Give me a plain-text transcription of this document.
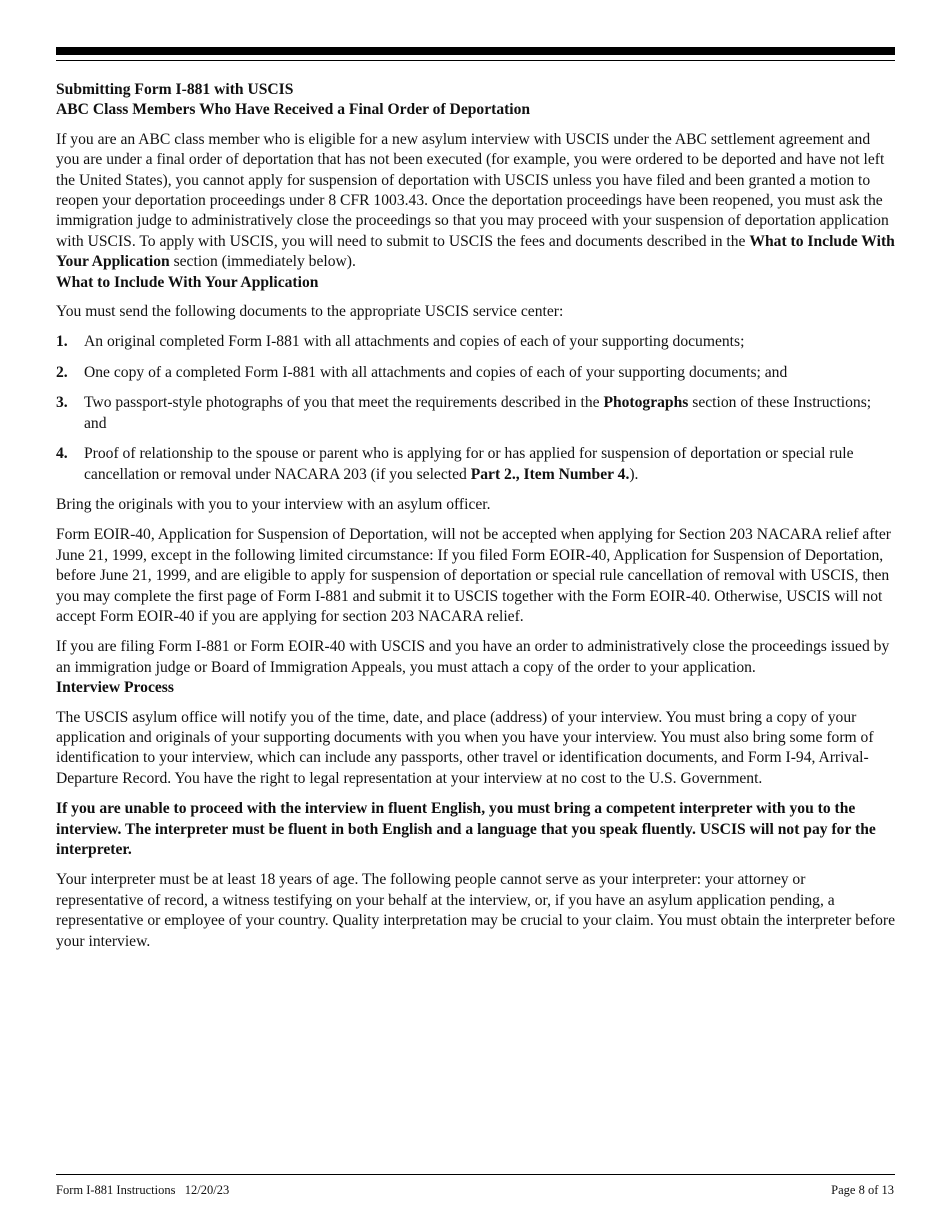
Submitting Form I-881 with USCIS

ABC Class Members Who Have Received a Final Order of Deportation

If you are an ABC class member who is eligible for a new asylum interview with USCIS under the ABC settlement agreement and you are under a final order of deportation that has not been executed (for example, you were ordered to be deported and have not left the United States), you cannot apply for suspension of deportation with USCIS unless you have filed and been granted a motion to reopen your deportation proceedings under 8 CFR 1003.43. Once the deportation proceedings have been reopened, you must ask the immigration judge to administratively close the proceedings so that you may proceed with your suspension of deportation application with USCIS. To apply with USCIS, you will need to submit to USCIS the fees and documents described in the What to Include With Your Application section (immediately below).

What to Include With Your Application

You must send the following documents to the appropriate USCIS service center:

1.	An original completed Form I-881 with all attachments and copies of each of your supporting documents;
2.	One copy of a completed Form I-881 with all attachments and copies of each of your supporting documents; and
3.	Two passport-style photographs of you that meet the requirements described in the Photographs section of these Instructions; and
4.	Proof of relationship to the spouse or parent who is applying for or has applied for suspension of deportation or special rule cancellation or removal under NACARA 203 (if you selected Part 2., Item Number 4.).

Bring the originals with you to your interview with an asylum officer.

Form EOIR-40, Application for Suspension of Deportation, will not be accepted when applying for Section 203 NACARA relief after June 21, 1999, except in the following limited circumstance: If you filed Form EOIR-40, Application for Suspension of Deportation, before June 21, 1999, and are eligible to apply for suspension of deportation or special rule cancellation of removal with USCIS, then you may complete the first page of Form I-881 and submit it to USCIS together with the Form EOIR-40. Otherwise, USCIS will not accept Form EOIR-40 if you are applying for section 203 NACARA relief.

If you are filing Form I-881 or Form EOIR-40 with USCIS and you have an order to administratively close the proceedings issued by an immigration judge or Board of Immigration Appeals, you must attach a copy of the order to your application.

Interview Process

The USCIS asylum office will notify you of the time, date, and place (address) of your interview. You must bring a copy of your application and originals of your supporting documents with you when you have your interview. You must also bring some form of identification to your interview, which can include any passports, other travel or identification documents, and Form I-94, Arrival-Departure Record. You have the right to legal representation at your interview at no cost to the U.S. Government.

If you are unable to proceed with the interview in fluent English, you must bring a competent interpreter with you to the interview. The interpreter must be fluent in both English and a language that you speak fluently. USCIS will not pay for the interpreter.

Your interpreter must be at least 18 years of age. The following people cannot serve as your interpreter: your attorney or representative of record, a witness testifying on your behalf at the interview, or, if you have an asylum application pending, a representative or employee of your country. Quality interpretation may be crucial to your claim. You must obtain the interpreter before your interview.

Form I-881 Instructions   12/20/23	Page 8 of 13
